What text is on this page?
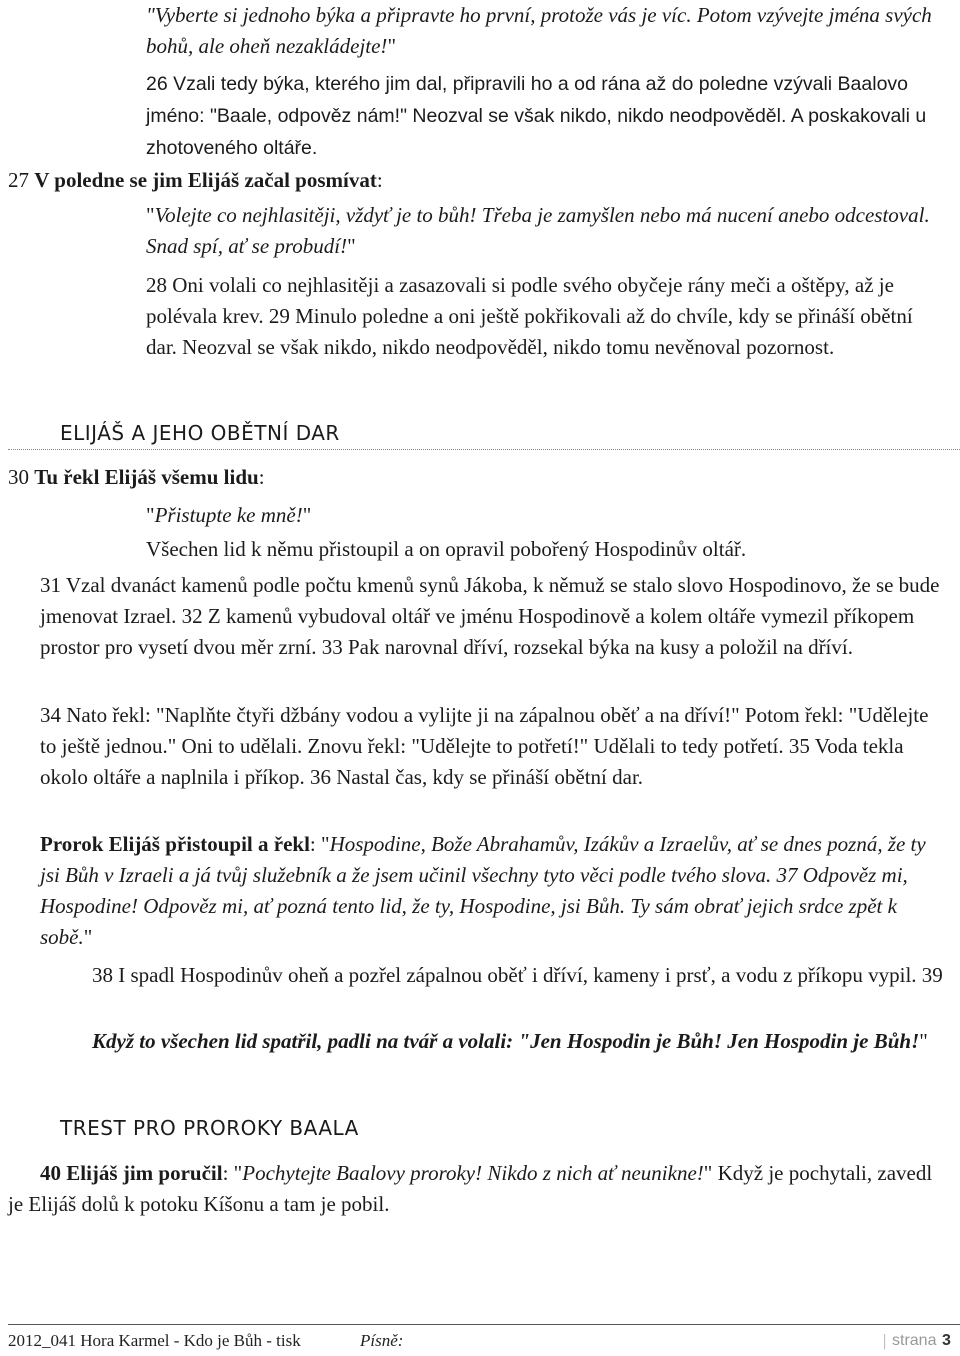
"Vyberte si jednoho býka a připravte ho první, protože vás je víc. Potom vzývejte jména svých bohů, ale oheň nezakládejte!"

26 Vzali tedy býka, kterého jim dal, připravili ho a od rána až do poledne vzývali Baalovo jméno: "Baale, odpověz nám!" Neozval se však nikdo, nikdo neodpověděl. A poskakovali u zhotoveného oltáře.

27 V poledne se jim Elijáš začal posmívat:

"Volejte co nejhlasitěji, vždyť je to bůh! Třeba je zamyšlen nebo má nucení anebo odcestoval. Snad spí, ať se probudí!"

28 Oni volali co nejhlasitěji a zasazovali si podle svého obyčeje rány meči a oštěpy, až je polévala krev. 29 Minulo poledne a oni ještě pokřikovali až do chvíle, kdy se přináší obětní dar. Neozval se však nikdo, nikdo neodpověděl, nikdo tomu nevěnoval pozornost.

ELIJÁŠ A JEHO OBĚTNÍ DAR

30 Tu řekl Elijáš všemu lidu:

"Přistupte ke mně!"

Všechen lid k němu přistoupil a on opravil pobořený Hospodinův oltář.

31 Vzal dvanáct kamenů podle počtu kmenů synů Jákoba, k němuž se stalo slovo Hospodinovo, že se bude jmenovat Izrael. 32 Z kamenů vybudoval oltář ve jménu Hospodinově a kolem oltáře vymezil příkopem prostor pro vysetí dvou měr zrní. 33 Pak narovnal dříví, rozsekal býka na kusy a položil na dříví.

34 Nato řekl: "Naplňte čtyři džbány vodou a vylijte ji na zápalnou oběť a na dříví!" Potom řekl: "Udělejte to ještě jednou." Oni to udělali. Znovu řekl: "Udělejte to potřetí!" Udělali to tedy potřetí. 35 Voda tekla okolo oltáře a naplnila i příkop. 36 Nastal čas, kdy se přináší obětní dar.

Prorok Elijáš přistoupil a řekl: "Hospodine, Bože Abrahamův, Izákův a Izraelův, ať se dnes pozná, že ty jsi Bůh v Izraeli a já tvůj služebník a že jsem učinil všechny tyto věci podle tvého slova. 37 Odpověz mi, Hospodine! Odpověz mi, ať pozná tento lid, že ty, Hospodine, jsi Bůh. Ty sám obrať jejich srdce zpět k sobě."

38 I spadl Hospodinův oheň a pozřel zápalnou oběť i dříví, kameny i prsť, a vodu z příkopu vypil. 39

Když to všechen lid spatřil, padli na tvář a volali: "Jen Hospodin je Bůh! Jen Hospodin je Bůh!"

TREST PRO PROROKY BAALA

40 Elijáš jim poručil: "Pochytejte Baalovy proroky! Nikdo z nich ať neunikne!" Když je pochytali, zavedl je Elijáš dolů k potoku Kíšonu a tam je pobil.

2012_041 Hora Karmel - Kdo je Bůh - tisk	Písně:	| strana 3
